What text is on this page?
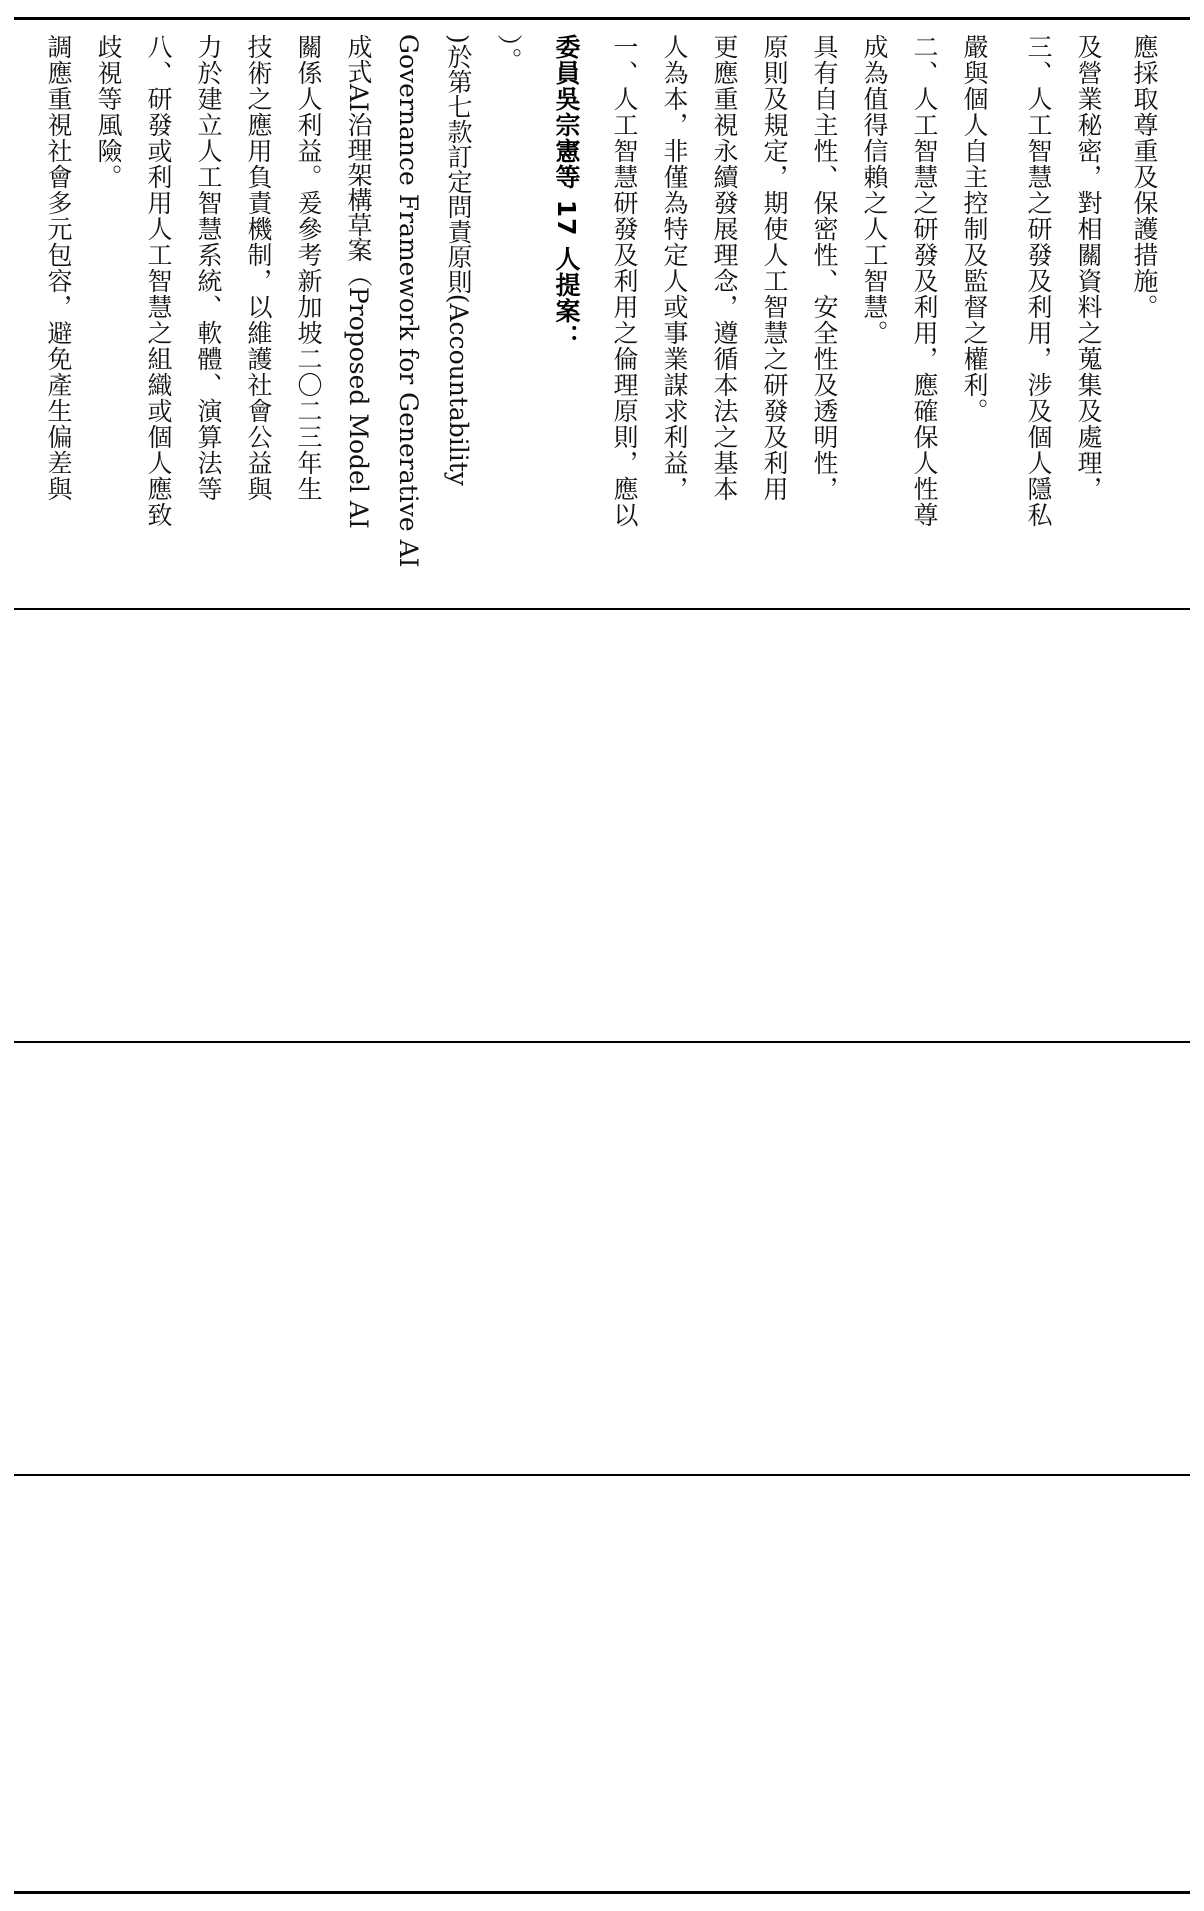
調應重視社會多元包容，避免產生偏差與 歧視等風險。 八、研發或利用人工智慧之組織或個人應致 力於建立人工智慧系統、軟體、演算法等 技術之應用負責機制，以維護社會公益與 關係人利益。爰參考新加坡二〇二三年生 成式AI治理架構草案（Proposed Model AI Governance Framework for Generative AI )於第七款訂定問責原則(Accountability ）。	委員吳宗憲等 17 人提案：	一、人工智慧研發及利用之倫理原則，應以 人為本，非僅為特定人或事業謀求利益， 更應重視永續發展理念，遵循本法之基本 原則及規定，期使人工智慧之研發及利用 具有自主性、保密性、安全性及透明性， 成為值得信賴之人工智慧。 二、人工智慧之研發及利用，應確保人性尊 嚴與個人自主控制及監督之權利。	三、人工智慧之研發及利用，涉及個人隱私 及營業秘密，對相關資料之蒐集及處理，	應採取尊重及保護措施。
